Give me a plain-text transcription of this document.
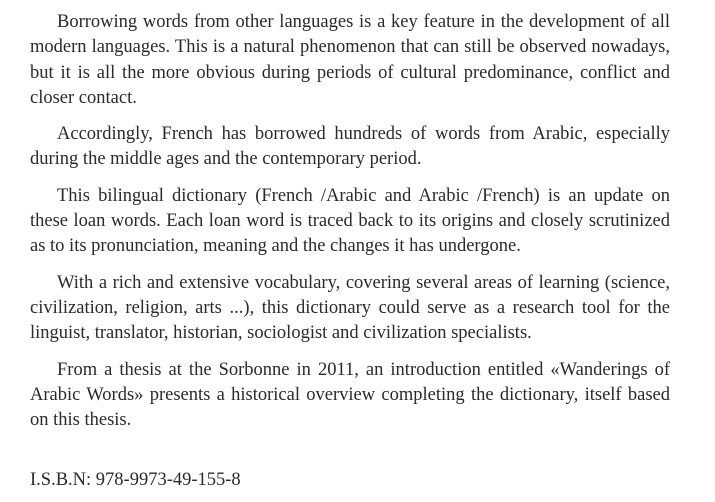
Borrowing words from other languages is a key feature in the development of all modern languages. This is a natural phenomenon that can still be observed nowadays, but it is all the more obvious during periods of cultural predominance, conflict and closer contact.

Accordingly, French has borrowed hundreds of words from Arabic, especially during the middle ages and the contemporary period.

This bilingual dictionary (French /Arabic and Arabic /French) is an update on these loan words. Each loan word is traced back to its origins and closely scrutinized as to its pronunciation, meaning and the changes it has undergone.

With a rich and extensive vocabulary, covering several areas of learning (science, civilization, religion, arts ...), this dictionary could serve as a research tool for the linguist, translator, historian, sociologist and civilization specialists.

From a thesis at the Sorbonne in 2011, an introduction entitled «Wanderings of Arabic Words» presents a historical overview completing the dictionary, itself based on this thesis.

I.S.B.N: 978-9973-49-155-8
